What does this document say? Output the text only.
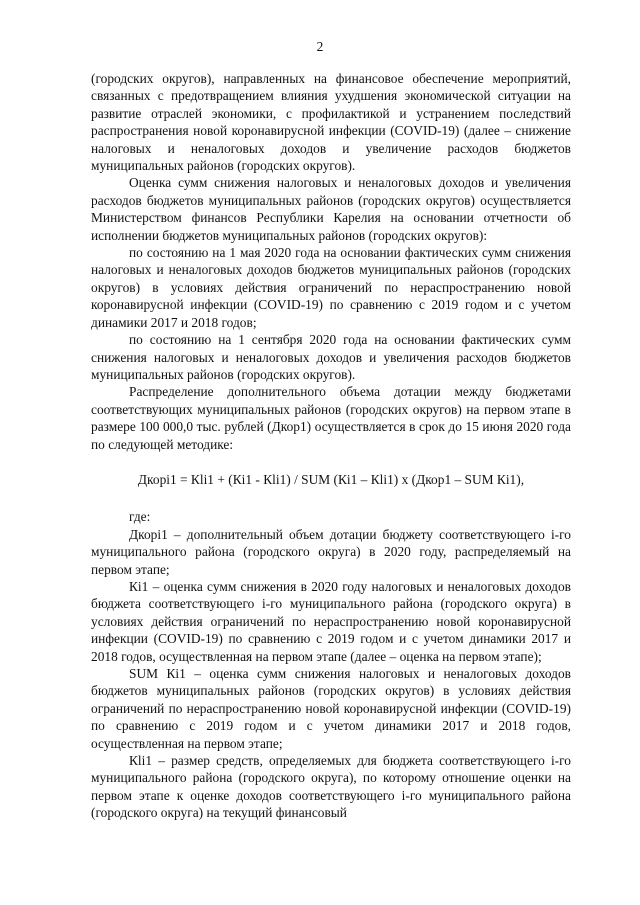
2

(городских округов), направленных на финансовое обеспечение мероприятий, связанных с предотвращением влияния ухудшения экономической ситуации на развитие отраслей экономики, с профилактикой и устранением последствий распространения новой коронавирусной инфекции (COVID-19) (далее – снижение налоговых и неналоговых доходов и увеличение расходов бюджетов муниципальных районов (городских округов).

Оценка сумм снижения налоговых и неналоговых доходов и увеличения расходов бюджетов муниципальных районов (городских округов) осуществляется Министерством финансов Республики Карелия на основании отчетности об исполнении бюджетов муниципальных районов (городских округов):

по состоянию на 1 мая 2020 года на основании фактических сумм снижения налоговых и неналоговых доходов бюджетов муниципальных районов (городских округов) в условиях действия ограничений по нераспространению новой коронавирусной инфекции (COVID-19) по сравнению с 2019 годом и с учетом динамики 2017 и 2018 годов;

по состоянию на 1 сентября 2020 года на основании фактических сумм снижения налоговых и неналоговых доходов и увеличения расходов бюджетов муниципальных районов (городских округов).

Распределение дополнительного объема дотации между бюджетами соответствующих муниципальных районов (городских округов) на первом этапе в размере 100 000,0 тыс. рублей (Дкор1) осуществляется в срок до 15 июня 2020 года по следующей методике:

Дкорi1 = Кli1 + (Кi1 - Кli1) / SUM (Кi1 – Кli1) х (Дкор1 – SUM Кi1),

где:

Дкорi1 – дополнительный объем дотации бюджету соответствующего i-го муниципального района (городского округа) в 2020 году, распределяемый на первом этапе;

Кi1 – оценка сумм снижения в 2020 году налоговых и неналоговых доходов бюджета соответствующего i-го муниципального района (городского округа) в условиях действия ограничений по нераспространению новой коронавирусной инфекции (COVID-19) по сравнению с 2019 годом и с учетом динамики 2017 и 2018 годов, осуществленная на первом этапе (далее – оценка на первом этапе);

SUM Кi1 – оценка сумм снижения налоговых и неналоговых доходов бюджетов муниципальных районов (городских округов) в условиях действия ограничений по нераспространению новой коронавирусной инфекции (COVID-19) по сравнению с 2019 годом и с учетом динамики 2017 и 2018 годов, осуществленная на первом этапе;

Кli1 – размер средств, определяемых для бюджета соответствующего i-го муниципального района (городского округа), по которому отношение оценки на первом этапе к оценке доходов соответствующего i-го муниципального района (городского округа) на текущий финансовый
